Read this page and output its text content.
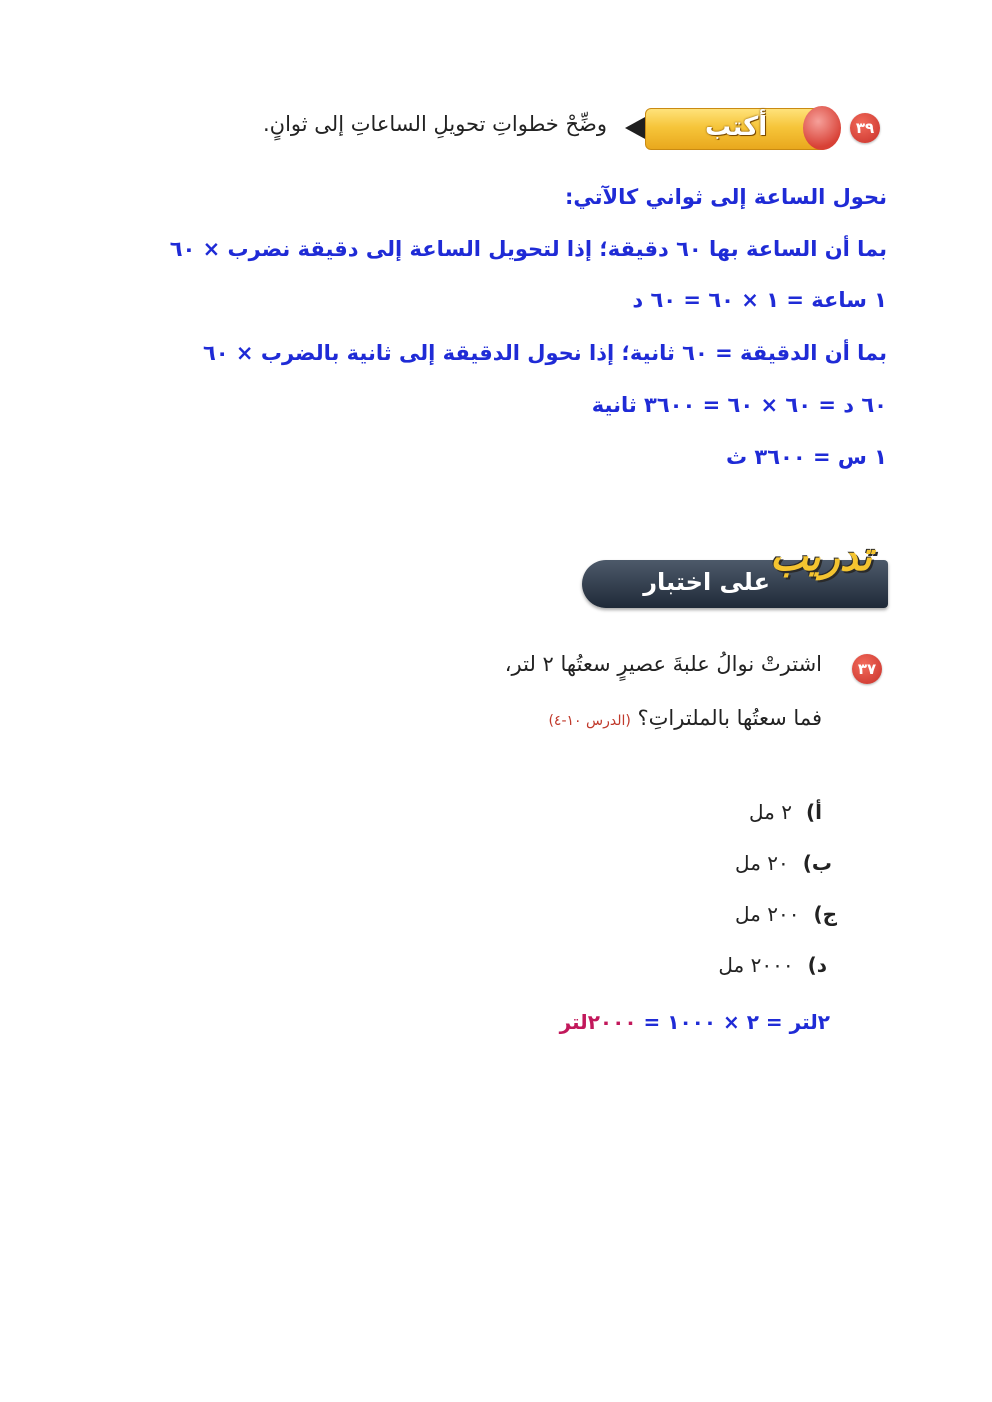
٣٩
أكتب
وضِّحْ خطواتِ تحويلِ الساعاتِ إلى ثوانٍ.
نحول الساعة إلى ثواني كالآتي:
بما أن الساعة بها ٦٠ دقيقة؛ إذا لتحويل الساعة إلى دقيقة نضرب × ٦٠
١ ساعة = ١ × ٦٠ = ٦٠ د
بما أن الدقيقة = ٦٠ ثانية؛ إذا نحول الدقيقة إلى ثانية بالضرب × ٦٠
٦٠ د = ٦٠ × ٦٠ = ٣٦٠٠ ثانية
١ س = ٣٦٠٠ ث
على اختبار
تدريب
٣٧
اشترتْ نوالُ علبةَ عصيرٍ سعتُها ٢ لتر،
فما سعتُها بالملتراتِ؟ (الدرس ١٠-٤)
أ)٢ مل
ب)٢٠ مل
ج)٢٠٠ مل
د)٢٠٠٠ مل
٢لتر = ٢ × ١٠٠٠ = ٢٠٠٠لتر
